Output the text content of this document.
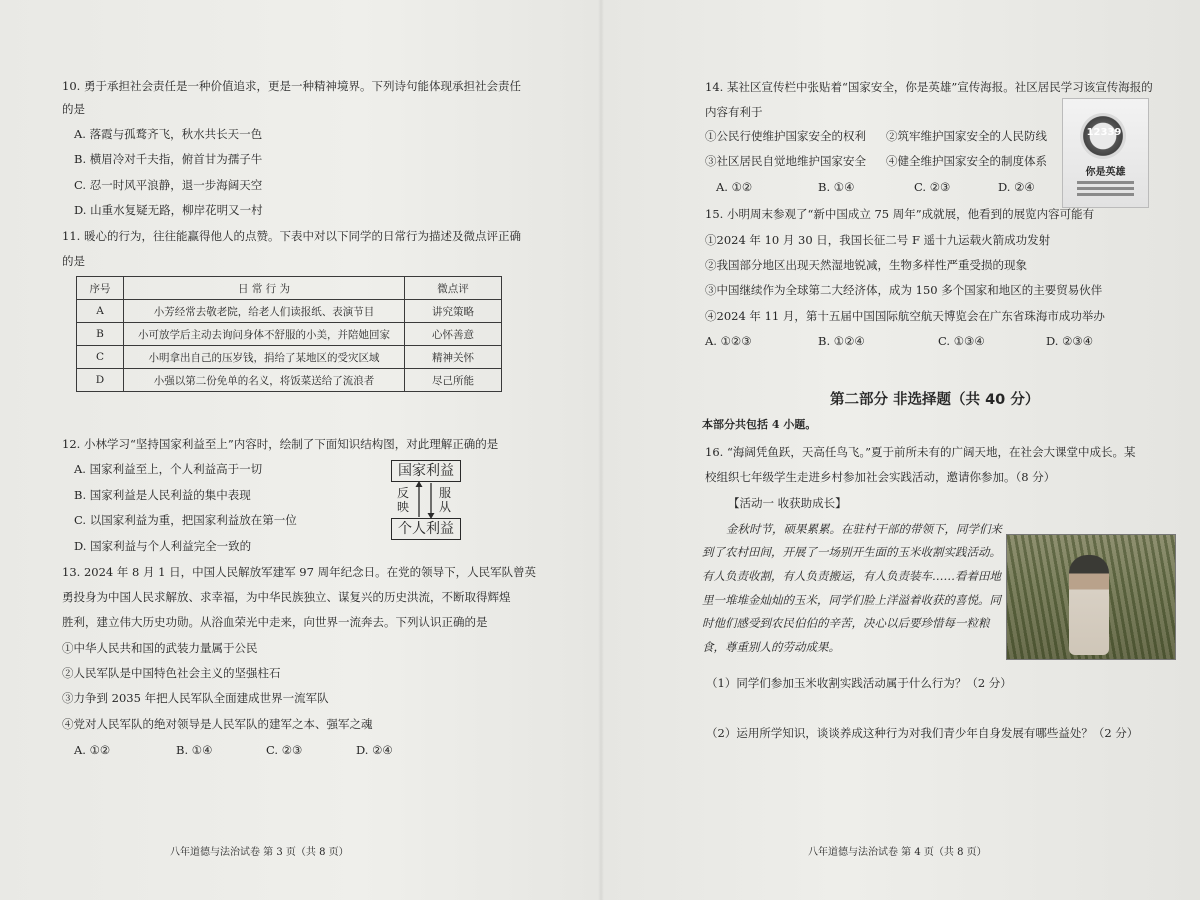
10. 勇于承担社会责任是一种价值追求，更是一种精神境界。下列诗句能体现承担社会责任
的是
A. 落霞与孤鹜齐飞，秋水共长天一色
B. 横眉冷对千夫指，俯首甘为孺子牛
C. 忍一时风平浪静，退一步海阔天空
D. 山重水复疑无路，柳岸花明又一村
11. 暖心的行为，往往能赢得他人的点赞。下表中对以下同学的日常行为描述及微点评正确
的是
序号	日 常 行 为	微点评
A	小芳经常去敬老院，给老人们读报纸、表演节目	讲究策略
B	小可放学后主动去询问身体不舒服的小美，并陪她回家	心怀善意
C	小明拿出自己的压岁钱，捐给了某地区的受灾区域	精神关怀
D	小强以第二份免单的名义，将饭菜送给了流浪者	尽己所能
12. 小林学习“坚持国家利益至上”内容时，绘制了下面知识结构图，对此理解正确的是
A. 国家利益至上，个人利益高于一切
B. 国家利益是人民利益的集中表现
C. 以国家利益为重，把国家利益放在第一位
D. 国家利益与个人利益完全一致的
国家利益
个人利益
反
映
服
从
13. 2024 年 8 月 1 日，中国人民解放军建军 97 周年纪念日。在党的领导下，人民军队曾英
勇投身为中国人民求解放、求幸福，为中华民族独立、谋复兴的历史洪流，不断取得辉煌
胜利，建立伟大历史功勋。从浴血荣光中走来，向世界一流奔去。下列认识正确的是
①中华人民共和国的武装力量属于公民
②人民军队是中国特色社会主义的坚强柱石
③力争到 2035 年把人民军队全面建成世界一流军队
④党对人民军队的绝对领导是人民军队的建军之本、强军之魂
A. ①②	B. ①④	C. ②③	D. ②④
八年道德与法治试卷 第 3 页（共 8 页）
14. 某社区宣传栏中张贴着“国家安全，你是英雄”宣传海报。社区居民学习该宣传海报的
内容有利于
①公民行使维护国家安全的权利 ②筑牢维护国家安全的人民防线
③社区居民自觉地维护国家安全 ④健全维护国家安全的制度体系
A. ①②	B. ①④	C. ②③	D. ②④
12339
你是英雄
15. 小明周末参观了“新中国成立 75 周年”成就展，他看到的展览内容可能有
①2024 年 10 月 30 日，我国长征二号 F 遥十九运载火箭成功发射
②我国部分地区出现天然湿地锐减，生物多样性严重受损的现象
③中国继续作为全球第二大经济体，成为 150 多个国家和地区的主要贸易伙伴
④2024 年 11 月，第十五届中国国际航空航天博览会在广东省珠海市成功举办
A. ①②③	B. ①②④	C. ①③④	D. ②③④
第二部分 非选择题（共 40 分）
本部分共包括 4 小题。
16. “海阔凭鱼跃，天高任鸟飞。”夏于前所未有的广阔天地，在社会大课堂中成长。某
校组织七年级学生走进乡村参加社会实践活动，邀请你参加。（8 分）
【活动一 收获助成长】
金秋时节，硕果累累。在驻村干部的带领下，同学们来
到了农村田间，开展了一场别开生面的玉米收割实践活动。
有人负责收割，有人负责搬运，有人负责装车……看着田地
里一堆堆金灿灿的玉米，同学们脸上洋溢着收获的喜悦。同
时他们感受到农民伯伯的辛苦，决心以后要珍惜每一粒粮
食，尊重别人的劳动成果。
（1）同学们参加玉米收割实践活动属于什么行为？（2 分）
（2）运用所学知识，谈谈养成这种行为对我们青少年自身发展有哪些益处？（2 分）
八年道德与法治试卷 第 4 页（共 8 页）
